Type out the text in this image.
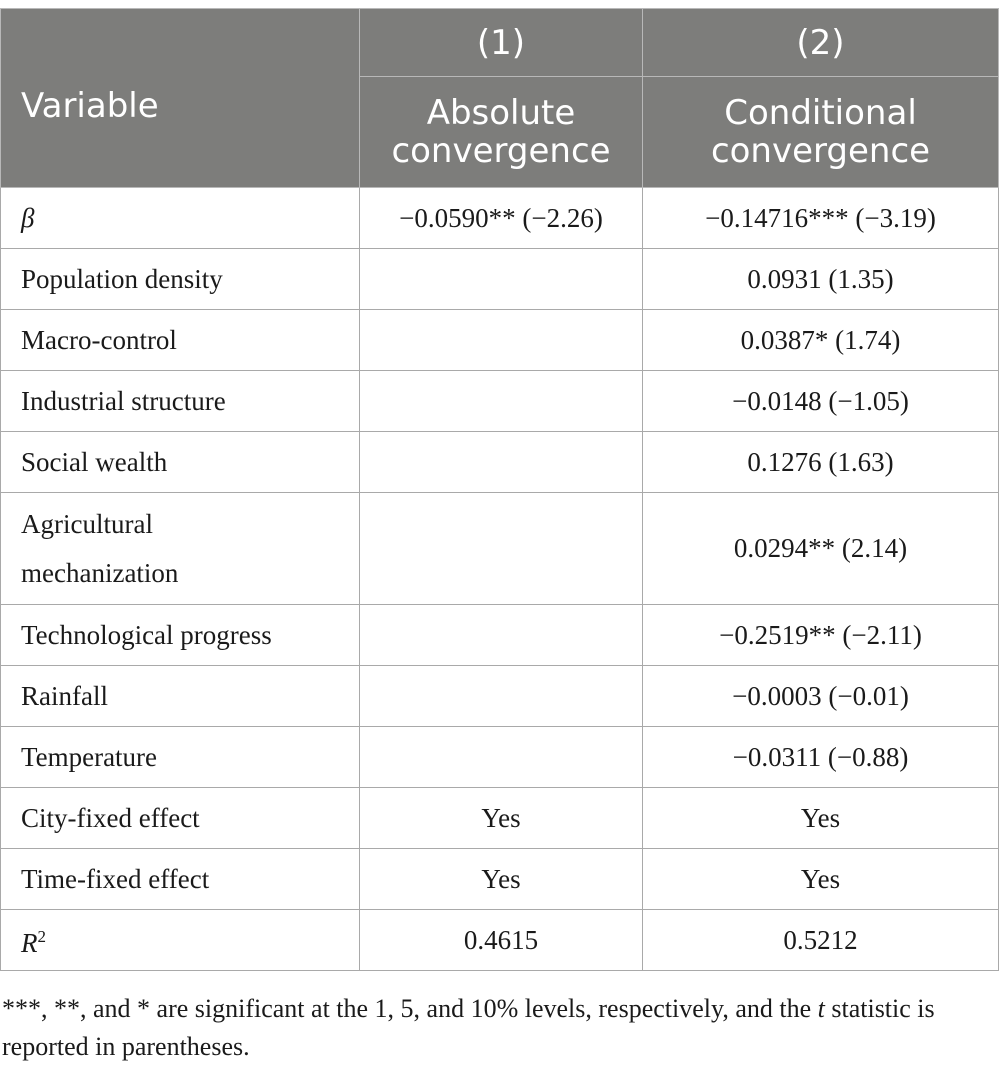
Variable	(1)	(2)
	Absolute convergence	Conditional convergence
β	−0.0590** (−2.26)	−0.14716*** (−3.19)
Population density		0.0931 (1.35)
Macro-control		0.0387* (1.74)
Industrial structure		−0.0148 (−1.05)
Social wealth		0.1276 (1.63)

Agricultural mechanization		0.0294** (2.14)
Technological progress		−0.2519** (−2.11)
Rainfall		−0.0003 (−0.01)
Temperature		−0.0311 (−0.88)
City-fixed effect	Yes	Yes
Time-fixed effect	Yes	Yes
$R^2$	0.4615	0.5212

***, **, and * are significant at the 1, 5, and 10% levels, respectively, and the t statistic is reported in parentheses.
